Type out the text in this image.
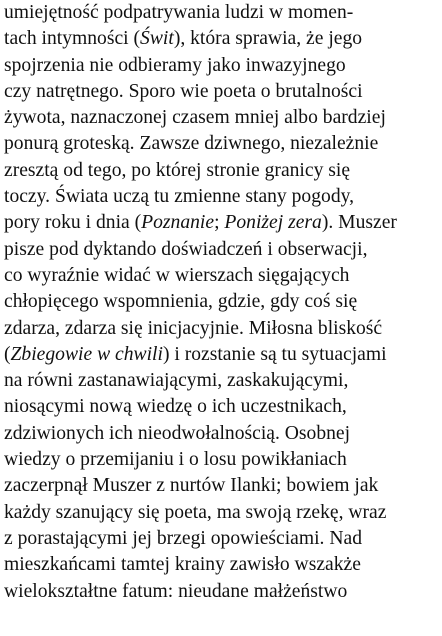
umiejętność podpatrywania ludzi w momen-
tach intymności (Świt), która sprawia, że jego
spojrzenia nie odbieramy jako inwazyjnego
czy natrętnego. Sporo wie poeta o brutalności
żywota, naznaczonej czasem mniej albo bardziej
ponurą groteską. Zawsze dziwnego, niezależnie
zresztą od tego, po której stronie granicy się
toczy. Świata uczą tu zmienne stany pogody,
pory roku i dnia (Poznanie; Poniżej zera). Muszer
pisze pod dyktando doświadczeń i obserwacji,
co wyraźnie widać w wierszach sięgających
chłopięcego wspomnienia, gdzie, gdy coś się
zdarza, zdarza się inicjacyjnie. Miłosna bliskość
(Zbiegowie w chwili) i rozstanie są tu sytuacjami
na równi zastanawiającymi, zaskakującymi,
niosącymi nową wiedzę o ich uczestnikach,
zdziwionych ich nieodwołalnością. Osobnej
wiedzy o przemijaniu i o losu powikłaniach
zaczerpnął Muszer z nurtów Ilanki; bowiem jak
każdy szanujący się poeta, ma swoją rzekę, wraz
z porastającymi jej brzegi opowieściami. Nad
mieszkańcami tamtej krainy zawisło wszakże
wielokształtne fatum: nieudane małżeństwo
